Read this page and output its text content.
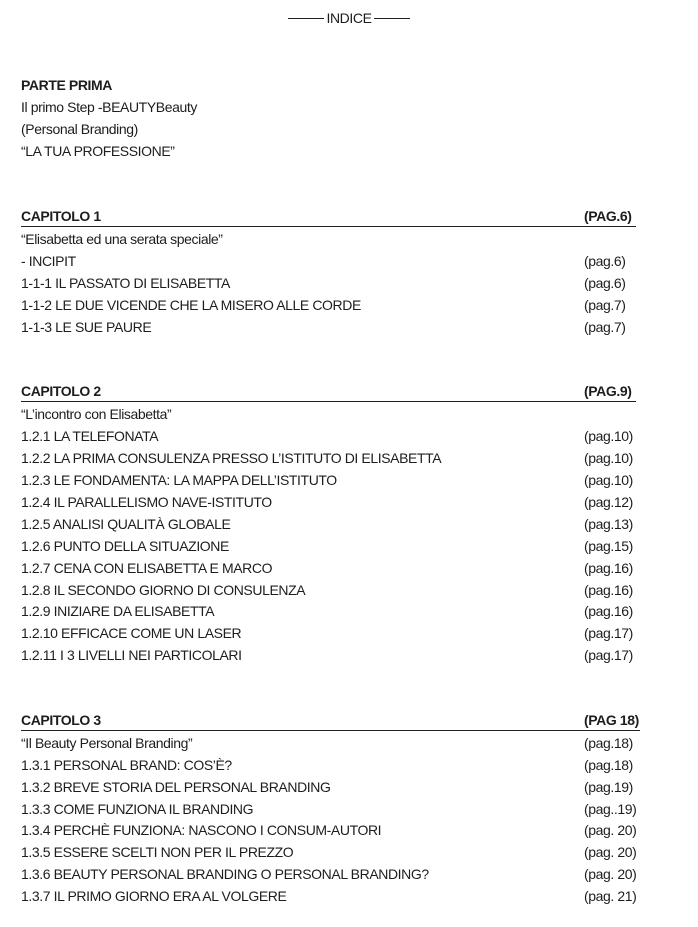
INDICE
PARTE PRIMA
Il primo Step -BEAUTYBeauty
(Personal Branding)
“LA TUA PROFESSIONE”
CAPITOLO 1	(PAG.6)
“Elisabetta ed una serata speciale”
- INCIPIT	(pag.6)
1-1-1 IL PASSATO DI ELISABETTA	(pag.6)
1-1-2 LE DUE VICENDE CHE LA MISERO ALLE CORDE	(pag.7)
1-1-3 LE SUE PAURE	(pag.7)
CAPITOLO 2	(PAG.9)
“L’incontro con Elisabetta”
1.2.1 LA TELEFONATA	(pag.10)
1.2.2 LA PRIMA CONSULENZA PRESSO L’ISTITUTO DI ELISABETTA	(pag.10)
1.2.3 LE FONDAMENTA: LA MAPPA DELL’ISTITUTO	(pag.10)
1.2.4 IL PARALLELISMO NAVE-ISTITUTO	(pag.12)
1.2.5 ANALISI QUALITÀ GLOBALE	(pag.13)
1.2.6 PUNTO DELLA SITUAZIONE	(pag.15)
1.2.7 CENA CON ELISABETTA E MARCO	(pag.16)
1.2.8 IL SECONDO GIORNO DI CONSULENZA	(pag.16)
1.2.9 INIZIARE DA ELISABETTA	(pag.16)
1.2.10 EFFICACE COME UN LASER	(pag.17)
1.2.11 I 3 LIVELLI NEI PARTICOLARI	(pag.17)
CAPITOLO 3	(PAG 18)
“Il Beauty Personal Branding”	(pag.18)
1.3.1 PERSONAL BRAND: COS’È?	(pag.18)
1.3.2 BREVE STORIA DEL PERSONAL BRANDING	(pag.19)
1.3.3 COME FUNZIONA IL BRANDING	(pag..19)
1.3.4 PERCHÈ FUNZIONA: NASCONO I CONSUM-AUTORI	(pag. 20)
1.3.5 ESSERE SCELTI NON PER IL PREZZO	(pag. 20)
1.3.6 BEAUTY PERSONAL BRANDING O PERSONAL BRANDING?	(pag. 20)
1.3.7 IL PRIMO GIORNO ERA AL VOLGERE	(pag. 21)
